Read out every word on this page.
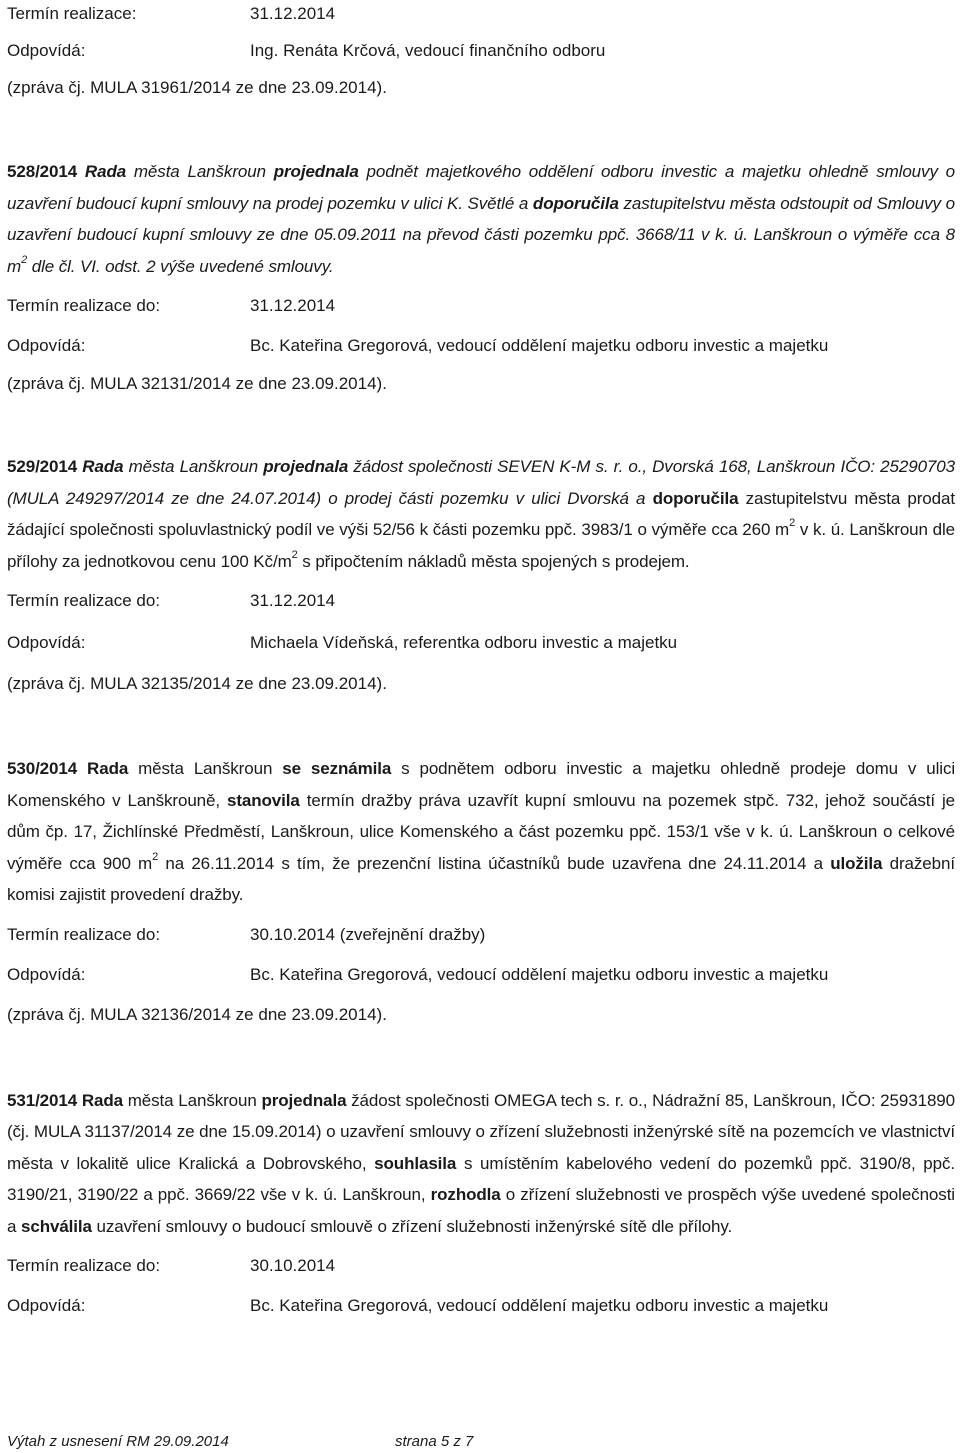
Termín realizace:	31.12.2014
Odpovídá:	Ing. Renáta Krčová, vedoucí finančního odboru
(zpráva čj. MULA 31961/2014 ze dne 23.09.2014).

528/2014 Rada města Lanškroun projednala podnět majetkového oddělení odboru investic a majetku ohledně smlouvy o uzavření budoucí kupní smlouvy na prodej pozemku v ulici K. Světlé a doporučila zastupitelstvu města odstoupit od Smlouvy o uzavření budoucí kupní smlouvy ze dne 05.09.2011 na převod části pozemku ppč. 3668/11 v k. ú. Lanškroun o výměře cca 8 $m^2$ dle čl. VI. odst. 2 výše uvedené smlouvy.

Termín realizace do:	31.12.2014
Odpovídá:	Bc. Kateřina Gregorová, vedoucí oddělení majetku odboru investic a majetku
(zpráva čj. MULA 32131/2014 ze dne 23.09.2014).

529/2014 Rada města Lanškroun projednala žádost společnosti SEVEN K-M s. r. o., Dvorská 168, Lanškroun IČO: 25290703 (MULA 249297/2014 ze dne 24.07.2014) o prodej části pozemku v ulici Dvorská a doporučila zastupitelstvu města prodat žádající společnosti spoluvlastnický podíl ve výši 52/56 k části pozemku ppč. 3983/1 o výměře cca 260 $m^2$ v k. ú. Lanškroun dle přílohy za jednotkovou cenu 100 $Kč/m^2$ s připočtením nákladů města spojených s prodejem.

Termín realizace do:	31.12.2014
Odpovídá:	Michaela Vídeňská, referentka odboru investic a majetku
(zpráva čj. MULA 32135/2014 ze dne 23.09.2014).

530/2014 Rada města Lanškroun se seznámila s podnětem odboru investic a majetku ohledně prodeje domu v ulici Komenského v Lanškrouně, stanovila termín dražby práva uzavřít kupní smlouvu na pozemek stpč. 732, jehož součástí je dům čp. 17, Žichlínské Předměstí, Lanškroun, ulice Komenského a část pozemku ppč. 153/1 vše v k. ú. Lanškroun o celkové výměře cca 900 $m^2$ na 26.11.2014 s tím, že prezenční listina účastníků bude uzavřena dne 24.11.2014 a uložila dražební komisi zajistit provedení dražby.

Termín realizace do:	30.10.2014 (zveřejnění dražby)
Odpovídá:	Bc. Kateřina Gregorová, vedoucí oddělení majetku odboru investic a majetku
(zpráva čj. MULA 32136/2014 ze dne 23.09.2014).

531/2014 Rada města Lanškroun projednala žádost společnosti OMEGA tech s. r. o., Nádražní 85, Lanškroun, IČO: 25931890 (čj. MULA 31137/2014 ze dne 15.09.2014) o uzavření smlouvy o zřízení služebnosti inženýrské sítě na pozemcích ve vlastnictví města v lokalitě ulice Kralická a Dobrovského, souhlasila s umístěním kabelového vedení do pozemků ppč. 3190/8, ppč. 3190/21, 3190/22 a ppč. 3669/22 vše v k. ú. Lanškroun, rozhodla o zřízení služebnosti ve prospěch výše uvedené společnosti a schválila uzavření smlouvy o budoucí smlouvě o zřízení služebnosti inženýrské sítě dle přílohy.

Termín realizace do:	30.10.2014
Odpovídá:	Bc. Kateřina Gregorová, vedoucí oddělení majetku odboru investic a majetku
Výtah z usnesení RM 29.09.2014	strana 5 z 7
